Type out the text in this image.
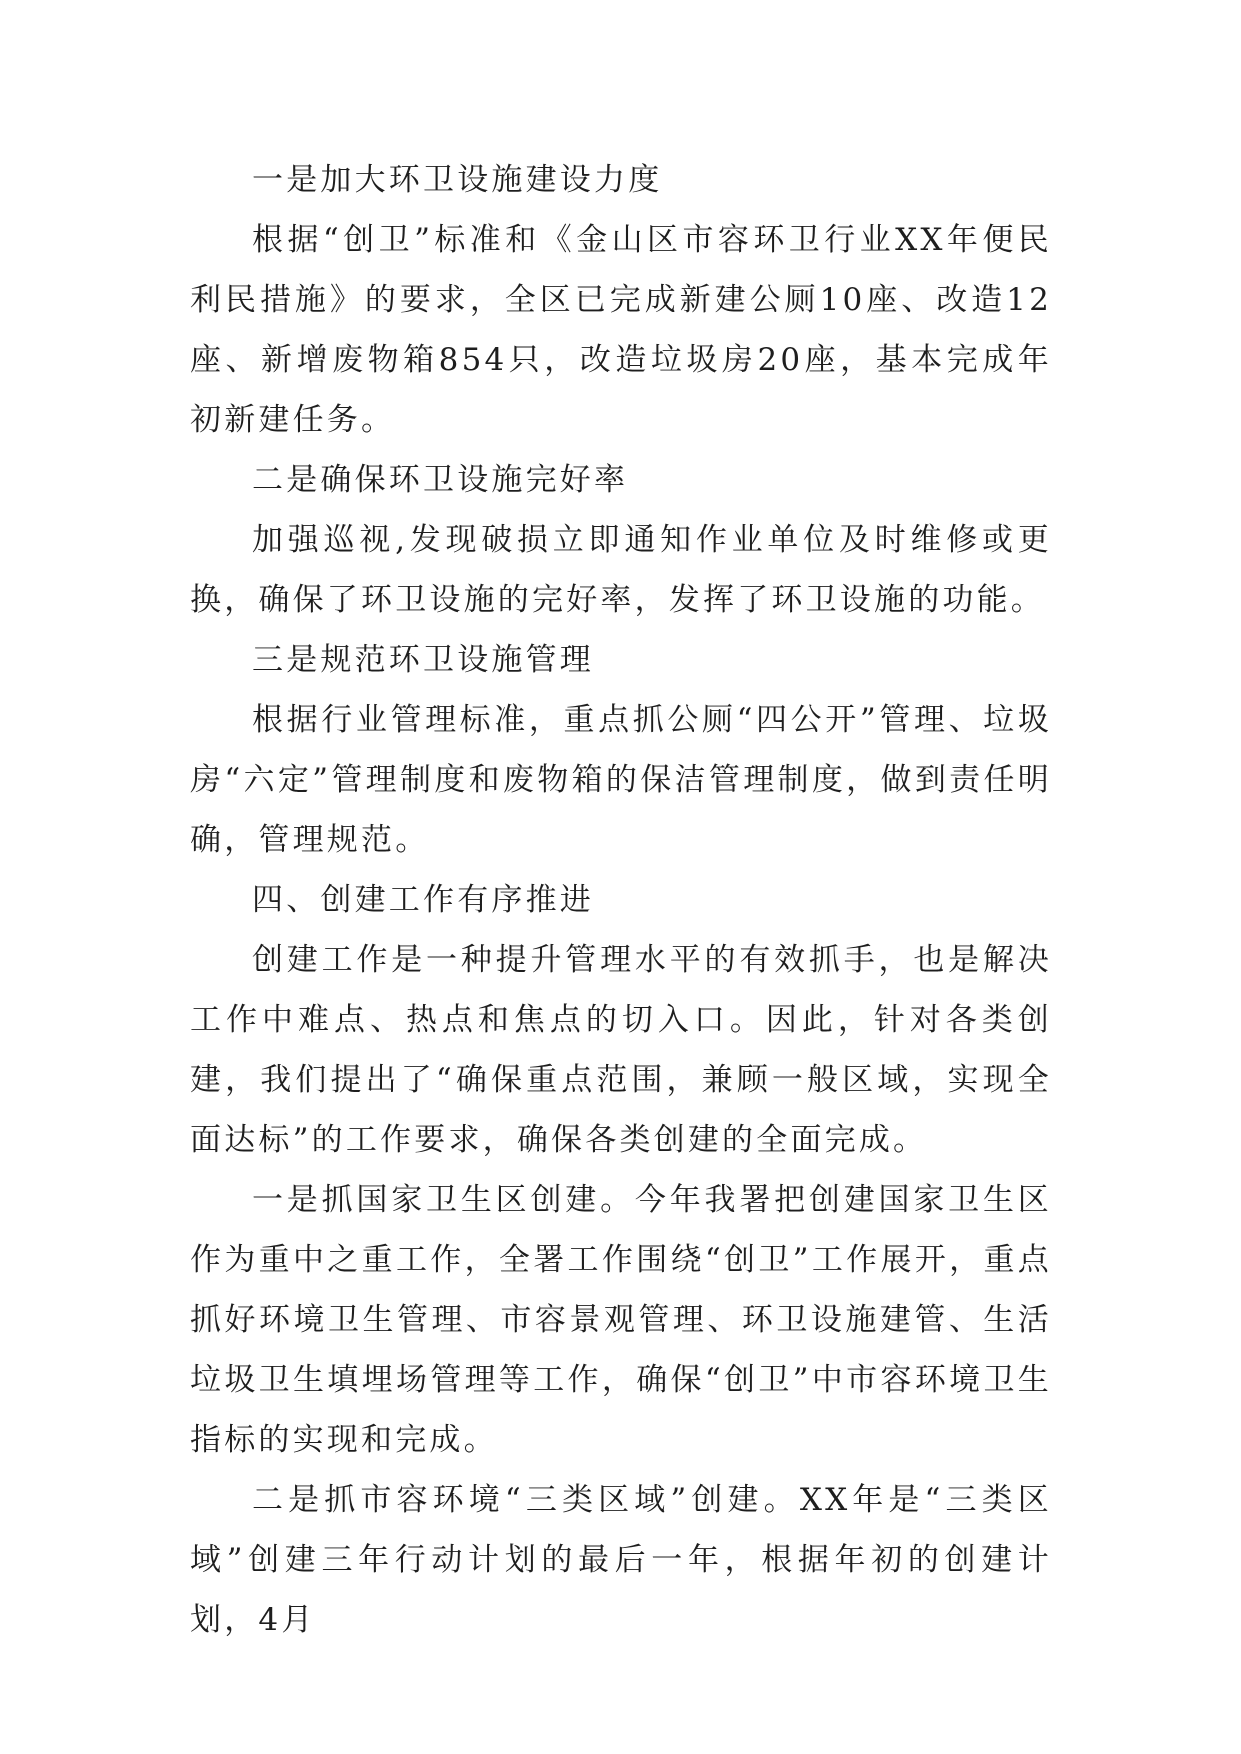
一是加大环卫设施建设力度

根据“创卫”标准和《金山区市容环卫行业XX年便民利民措施》的要求，全区已完成新建公厕10座、改造12座、新增废物箱854只，改造垃圾房20座，基本完成年初新建任务。

二是确保环卫设施完好率

加强巡视,发现破损立即通知作业单位及时维修或更换，确保了环卫设施的完好率，发挥了环卫设施的功能。

三是规范环卫设施管理

根据行业管理标准，重点抓公厕“四公开”管理、垃圾房“六定”管理制度和废物箱的保洁管理制度，做到责任明确，管理规范。

四、创建工作有序推进

创建工作是一种提升管理水平的有效抓手，也是解决工作中难点、热点和焦点的切入口。因此，针对各类创建，我们提出了“确保重点范围，兼顾一般区域，实现全面达标”的工作要求，确保各类创建的全面完成。

一是抓国家卫生区创建。今年我署把创建国家卫生区作为重中之重工作，全署工作围绕“创卫”工作展开，重点抓好环境卫生管理、市容景观管理、环卫设施建管、生活垃圾卫生填埋场管理等工作，确保“创卫”中市容环境卫生指标的实现和完成。

二是抓市容环境“三类区域”创建。XX年是“三类区域”创建三年行动计划的最后一年，根据年初的创建计划，4月
